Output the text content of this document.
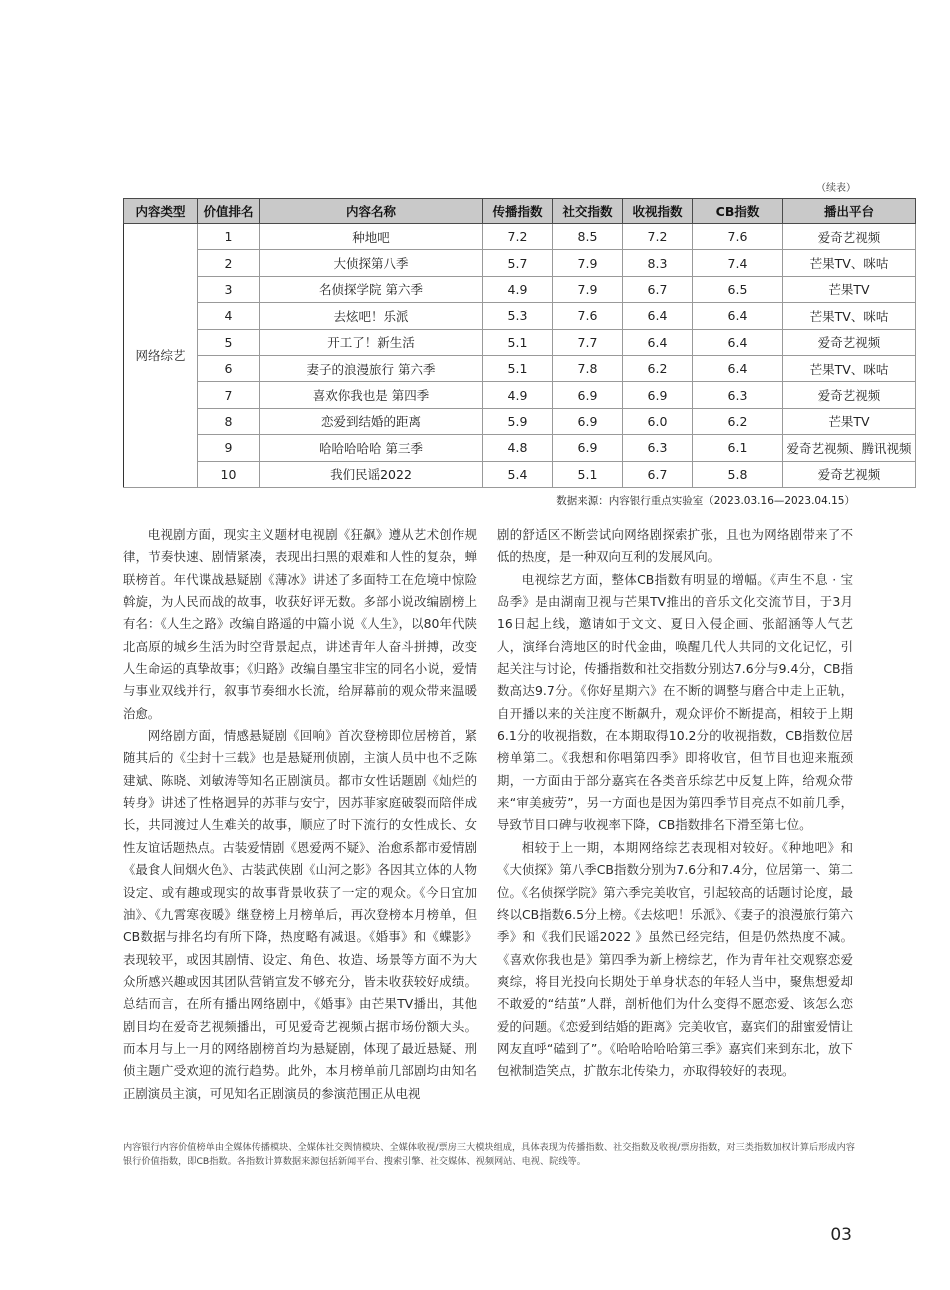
（续表）
内容类型	价值排名	内容名称	传播指数	社交指数	收视指数	CB指数	播出平台
网络综艺	1	种地吧	7.2	8.5	7.2	7.6	爱奇艺视频
	2	大侦探第八季	5.7	7.9	8.3	7.4	芒果TV、咪咕
	3	名侦探学院 第六季	4.9	7.9	6.7	6.5	芒果TV
	4	去炫吧！乐派	5.3	7.6	6.4	6.4	芒果TV、咪咕
	5	开工了！新生活	5.1	7.7	6.4	6.4	爱奇艺视频
	6	妻子的浪漫旅行 第六季	5.1	7.8	6.2	6.4	芒果TV、咪咕
	7	喜欢你我也是 第四季	4.9	6.9	6.9	6.3	爱奇艺视频
	8	恋爱到结婚的距离	5.9	6.9	6.0	6.2	芒果TV
	9	哈哈哈哈哈 第三季	4.8	6.9	6.3	6.1	爱奇艺视频、腾讯视频
	10	我们民谣2022	5.4	5.1	6.7	5.8	爱奇艺视频
数据来源：内容银行重点实验室（2023.03.16—2023.04.15）

电视剧方面，现实主义题材电视剧《狂飙》遵从艺术创作规律，节奏快速、剧情紧凑，表现出扫黑的艰难和人性的复杂，蝉联榜首。年代谍战悬疑剧《薄冰》讲述了多面特工在危境中惊险斡旋，为人民而战的故事，收获好评无数。多部小说改编剧榜上有名：《人生之路》改编自路遥的中篇小说《人生》，以80年代陕北高原的城乡生活为时空背景起点，讲述青年人奋斗拼搏，改变人生命运的真挚故事；《归路》改编自墨宝非宝的同名小说，爱情与事业双线并行，叙事节奏细水长流，给屏幕前的观众带来温暖治愈。

网络剧方面，情感悬疑剧《回响》首次登榜即位居榜首，紧随其后的《尘封十三载》也是悬疑刑侦剧，主演人员中也不乏陈建斌、陈晓、刘敏涛等知名正剧演员。都市女性话题剧《灿烂的转身》讲述了性格迥异的苏菲与安宁，因苏菲家庭破裂而陪伴成长，共同渡过人生难关的故事，顺应了时下流行的女性成长、女性友谊话题热点。古装爱情剧《恩爱两不疑》、治愈系都市爱情剧《最食人间烟火色》、古装武侠剧《山河之影》各因其立体的人物设定、或有趣或现实的故事背景收获了一定的观众。《今日宜加油》、《九霄寒夜暖》继登榜上月榜单后，再次登榜本月榜单，但CB数据与排名均有所下降，热度略有减退。《婚事》和《蝶影》表现较平，或因其剧情、设定、角色、妆造、场景等方面不为大众所感兴趣或因其团队营销宣发不够充分，皆未收获较好成绩。总结而言，在所有播出网络剧中，《婚事》由芒果TV播出，其他剧目均在爱奇艺视频播出，可见爱奇艺视频占据市场份额大头。而本月与上一月的网络剧榜首均为悬疑剧，体现了最近悬疑、刑侦主题广受欢迎的流行趋势。此外，本月榜单前几部剧均由知名正剧演员主演，可见知名正剧演员的参演范围正从电视

剧的舒适区不断尝试向网络剧探索扩张，且也为网络剧带来了不低的热度，是一种双向互利的发展风向。

电视综艺方面，整体CB指数有明显的增幅。《声生不息 · 宝岛季》是由湖南卫视与芒果TV推出的音乐文化交流节目，于3月16日起上线，邀请如于文文、夏日入侵企画、张韶涵等人气艺人，演绎台湾地区的时代金曲，唤醒几代人共同的文化记忆，引起关注与讨论，传播指数和社交指数分别达7.6分与9.4分，CB指数高达9.7分。《你好星期六》在不断的调整与磨合中走上正轨，自开播以来的关注度不断飙升，观众评价不断提高，相较于上期6.1分的收视指数，在本期取得10.2分的收视指数，CB指数位居榜单第二。《我想和你唱第四季》即将收官，但节目也迎来瓶颈期，一方面由于部分嘉宾在各类音乐综艺中反复上阵，给观众带来“审美疲劳”，另一方面也是因为第四季节目亮点不如前几季，导致节目口碑与收视率下降，CB指数排名下滑至第七位。

相较于上一期，本期网络综艺表现相对较好。《种地吧》和《大侦探》第八季CB指数分别为7.6分和7.4分，位居第一、第二位。《名侦探学院》第六季完美收官，引起较高的话题讨论度，最终以CB指数6.5分上榜。《去炫吧！乐派》、《妻子的浪漫旅行第六季》和《我们民谣2022 》虽然已经完结，但是仍然热度不减。《喜欢你我也是》第四季为新上榜综艺，作为青年社交观察恋爱爽综，将目光投向长期处于单身状态的年轻人当中，聚焦想爱却不敢爱的“结茧”人群，剖析他们为什么变得不愿恋爱、该怎么恋爱的问题。《恋爱到结婚的距离》完美收官，嘉宾们的甜蜜爱情让网友直呼“磕到了”。《哈哈哈哈哈第三季》嘉宾们来到东北，放下包袱制造笑点，扩散东北传染力，亦取得较好的表现。

内容银行内容价值榜单由全媒体传播模块、全媒体社交舆情模块、全媒体收视/票房三大模块组成，具体表现为传播指数、社交指数及收视/票房指数，对三类指数加权计算后形成内容银行价值指数，即CB指数。各指数计算数据来源包括新闻平台、搜索引擎、社交媒体、视频网站、电视、院线等。
03
